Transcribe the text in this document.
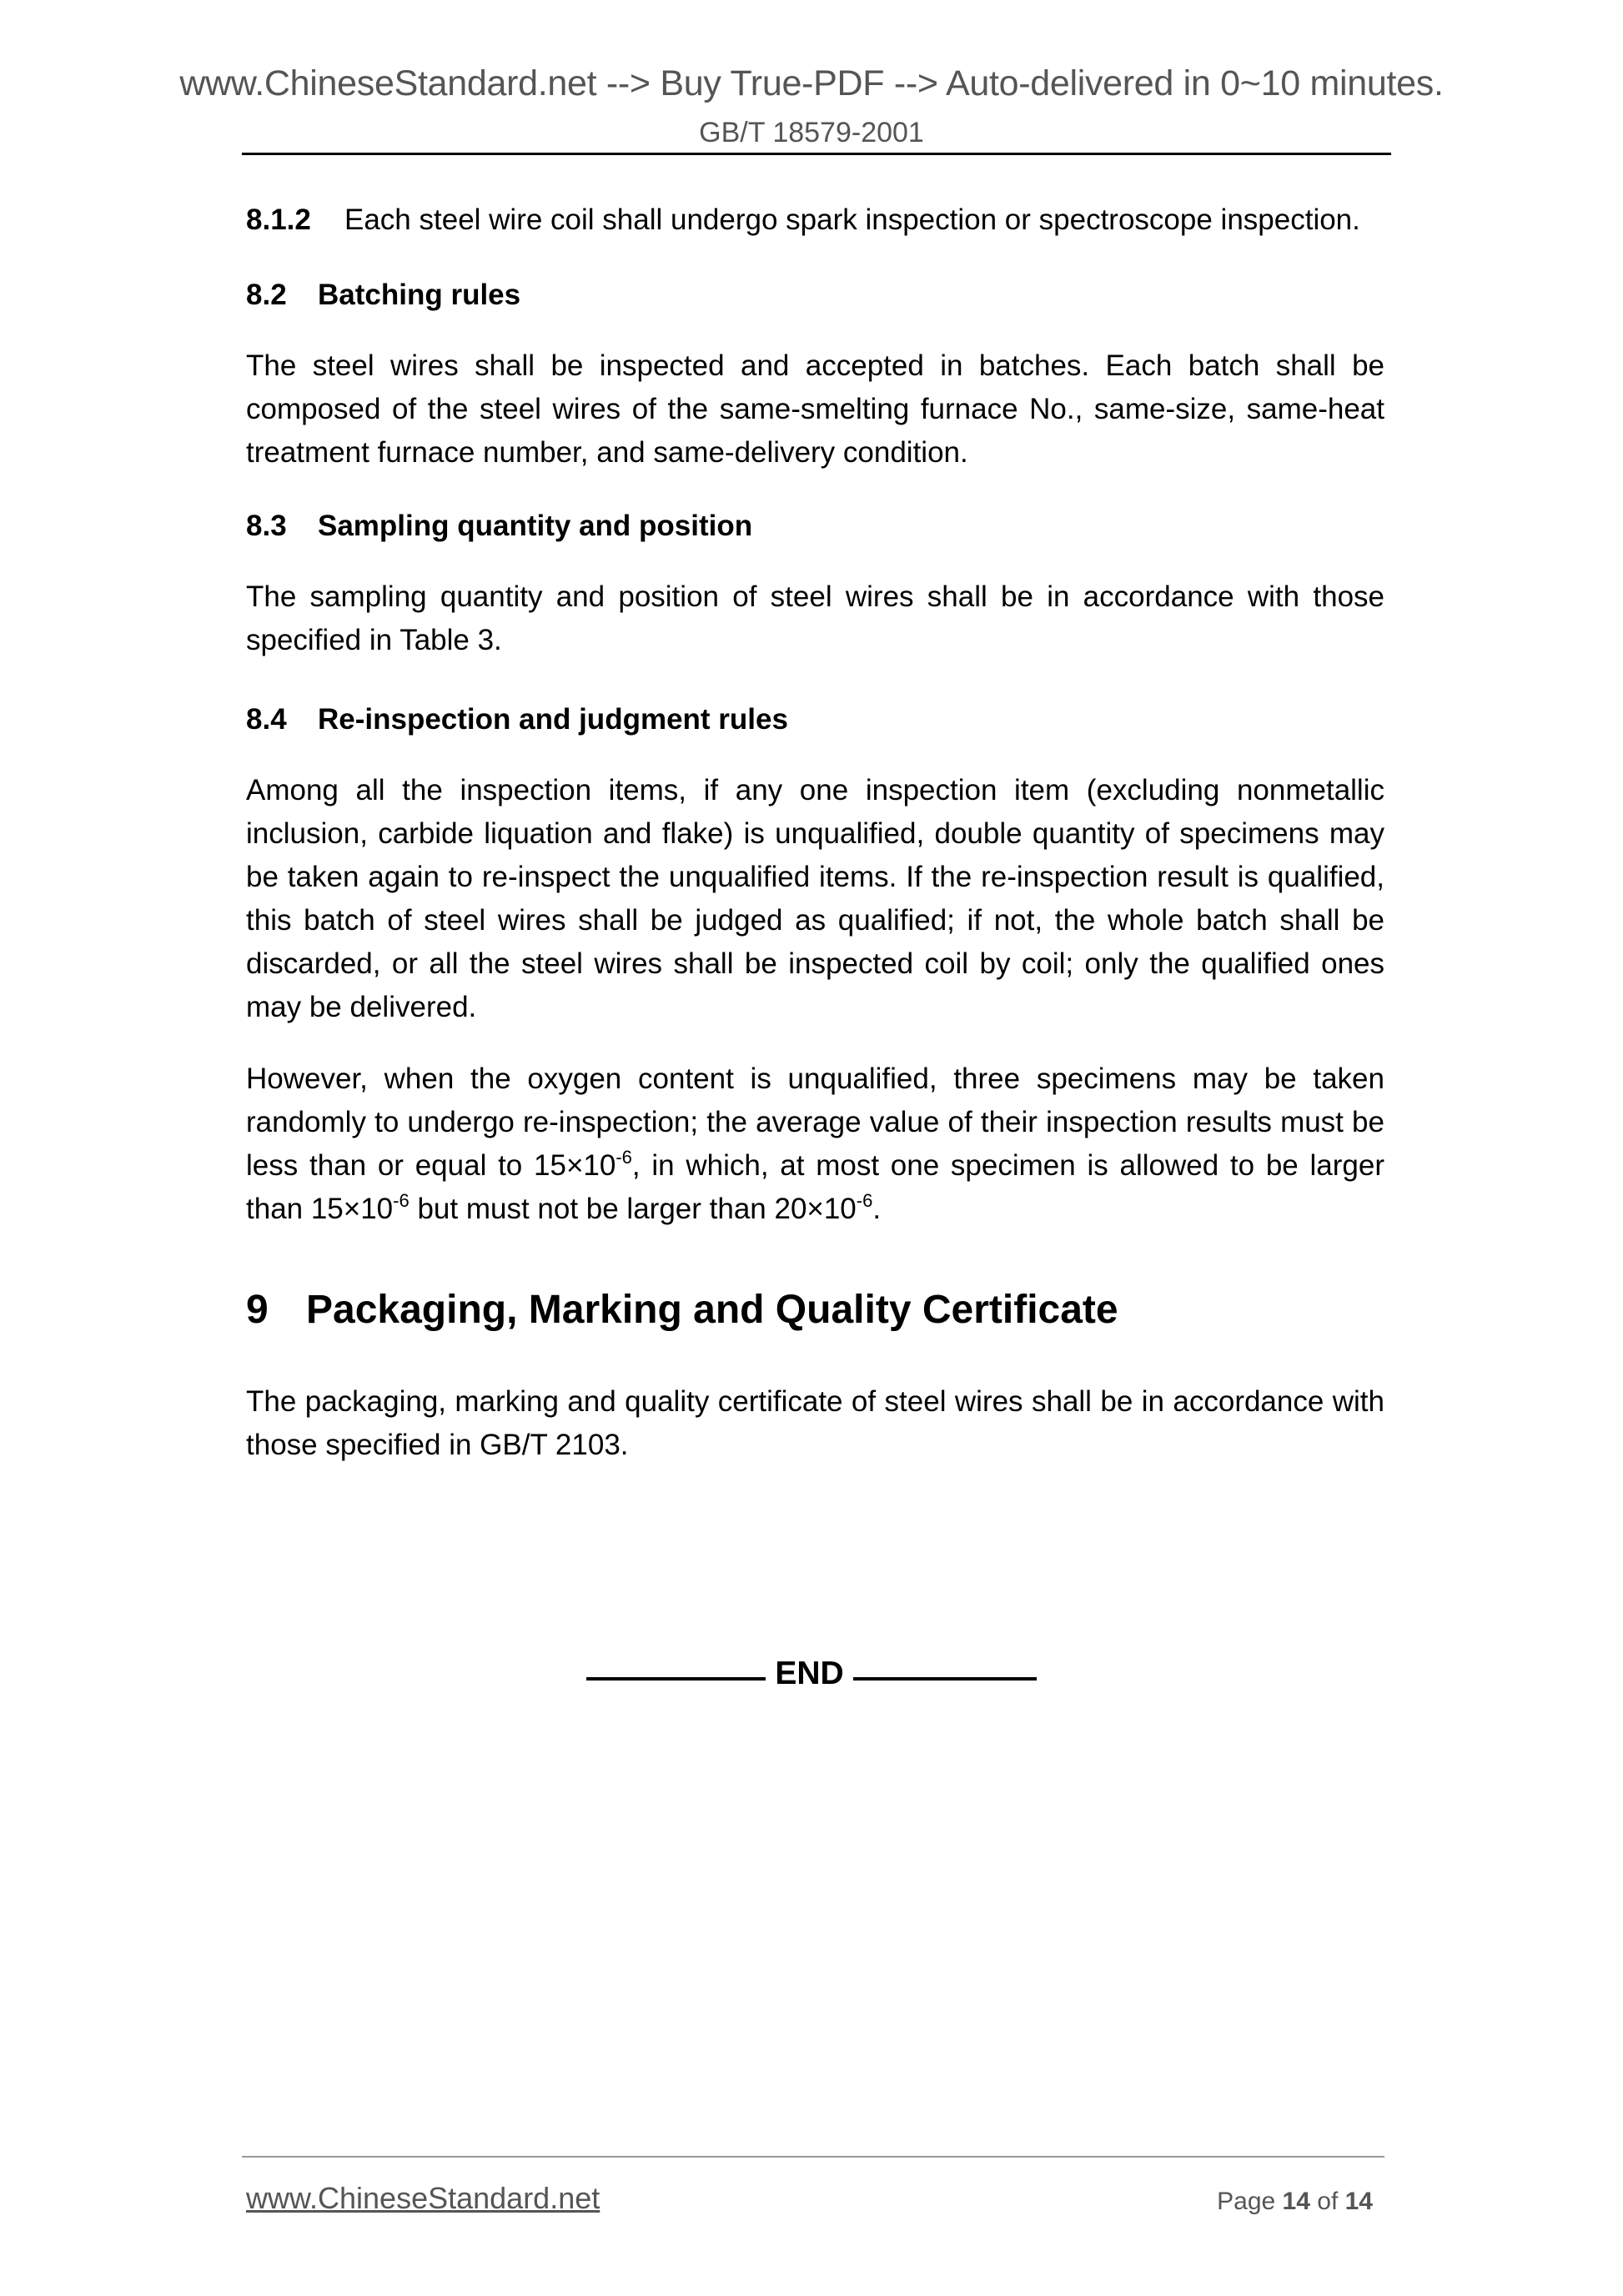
www.ChineseStandard.net --> Buy True-PDF --> Auto-delivered in 0~10 minutes.
GB/T 18579-2001
8.1.2 Each steel wire coil shall undergo spark inspection or spectroscope inspection.
8.2 Batching rules
The steel wires shall be inspected and accepted in batches. Each batch shall be composed of the steel wires of the same-smelting furnace No., same-size, same-heat treatment furnace number, and same-delivery condition.
8.3 Sampling quantity and position
The sampling quantity and position of steel wires shall be in accordance with those specified in Table 3.
8.4 Re-inspection and judgment rules
Among all the inspection items, if any one inspection item (excluding nonmetallic inclusion, carbide liquation and flake) is unqualified, double quantity of specimens may be taken again to re-inspect the unqualified items. If the re-inspection result is qualified, this batch of steel wires shall be judged as qualified; if not, the whole batch shall be discarded, or all the steel wires shall be inspected coil by coil; only the qualified ones may be delivered.
However, when the oxygen content is unqualified, three specimens may be taken randomly to undergo re-inspection; the average value of their inspection results must be less than or equal to $15\times 10^{-6}$, in which, at most one specimen is allowed to be larger than $15\times 10^{-6}$ but must not be larger than $20\times 10^{-6}$.
9 Packaging, Marking and Quality Certificate
The packaging, marking and quality certificate of steel wires shall be in accordance with those specified in GB/T 2103.
END
www.ChineseStandard.net	Page 14 of 14
